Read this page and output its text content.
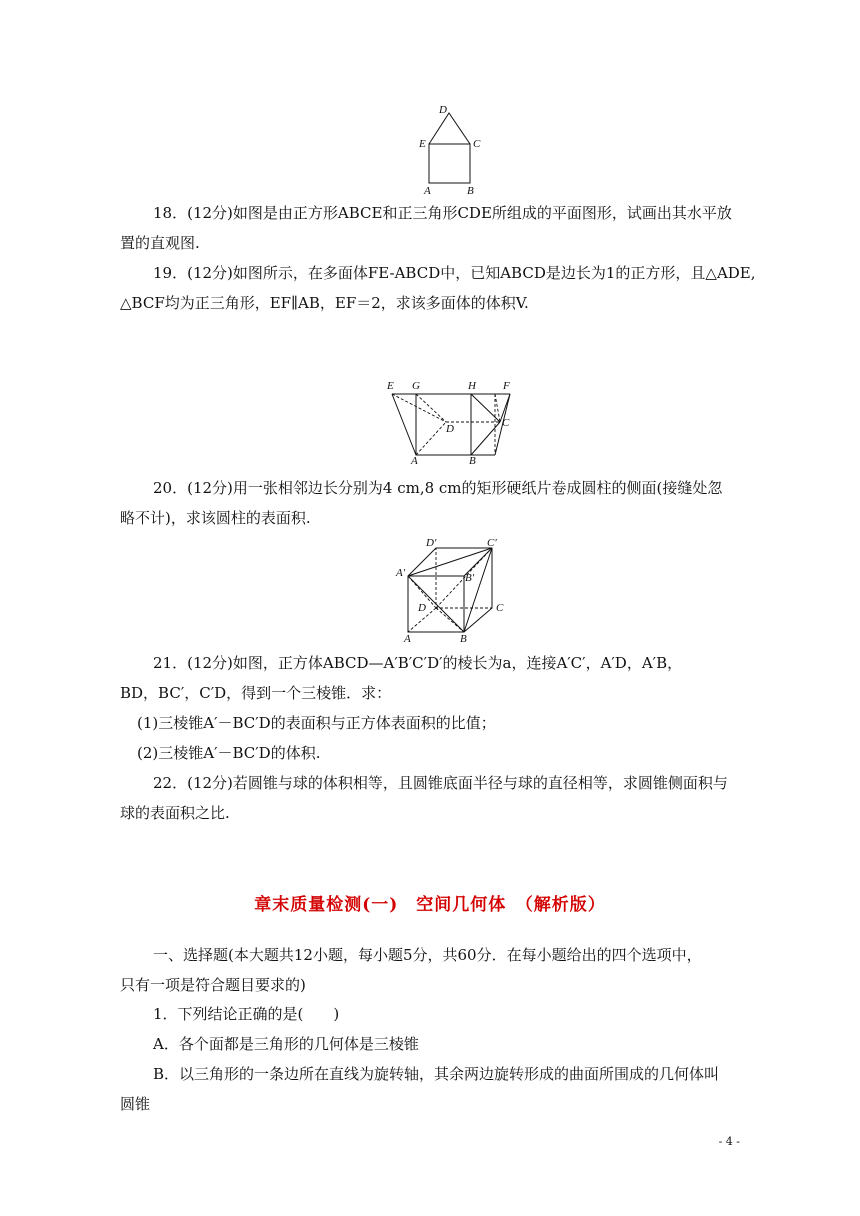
D
E	C
A	B
18．(12分)如图是由正方形ABCE和正三角形CDE所组成的平面图形，试画出其水平放
置的直观图.
19．(12分)如图所示，在多面体FE-ABCD中，已知ABCD是边长为1的正方形，且△ADE,
△BCF均为正三角形，EF∥AB，EF＝2，求该多面体的体积V.
E G	H F
D	C
A	B
20．(12分)用一张相邻边长分别为4 cm,8 cm的矩形硬纸片卷成圆柱的侧面(接缝处忽
略不计)，求该圆柱的表面积.
D′	C′
A′	B′
D	C
A	B
21．(12分)如图，正方体ABCD—A′B′C′D′的棱长为a，连接A′C′，A′D，A′B，
BD，BC′，C′D，得到一个三棱锥．求：
(1)三棱锥A′－BC′D的表面积与正方体表面积的比值；
(2)三棱锥A′－BC′D的体积.
22．(12分)若圆锥与球的体积相等，且圆锥底面半径与球的直径相等，求圆锥侧面积与
球的表面积之比.
章末质量检测(一)　空间几何体　（解析版）
一、选择题(本大题共12小题，每小题5分，共60分．在每小题给出的四个选项中，
只有一项是符合题目要求的)
1．下列结论正确的是(　　)
A．各个面都是三角形的几何体是三棱锥
B．以三角形的一条边所在直线为旋转轴，其余两边旋转形成的曲面所围成的几何体叫
圆锥
- 4 -
